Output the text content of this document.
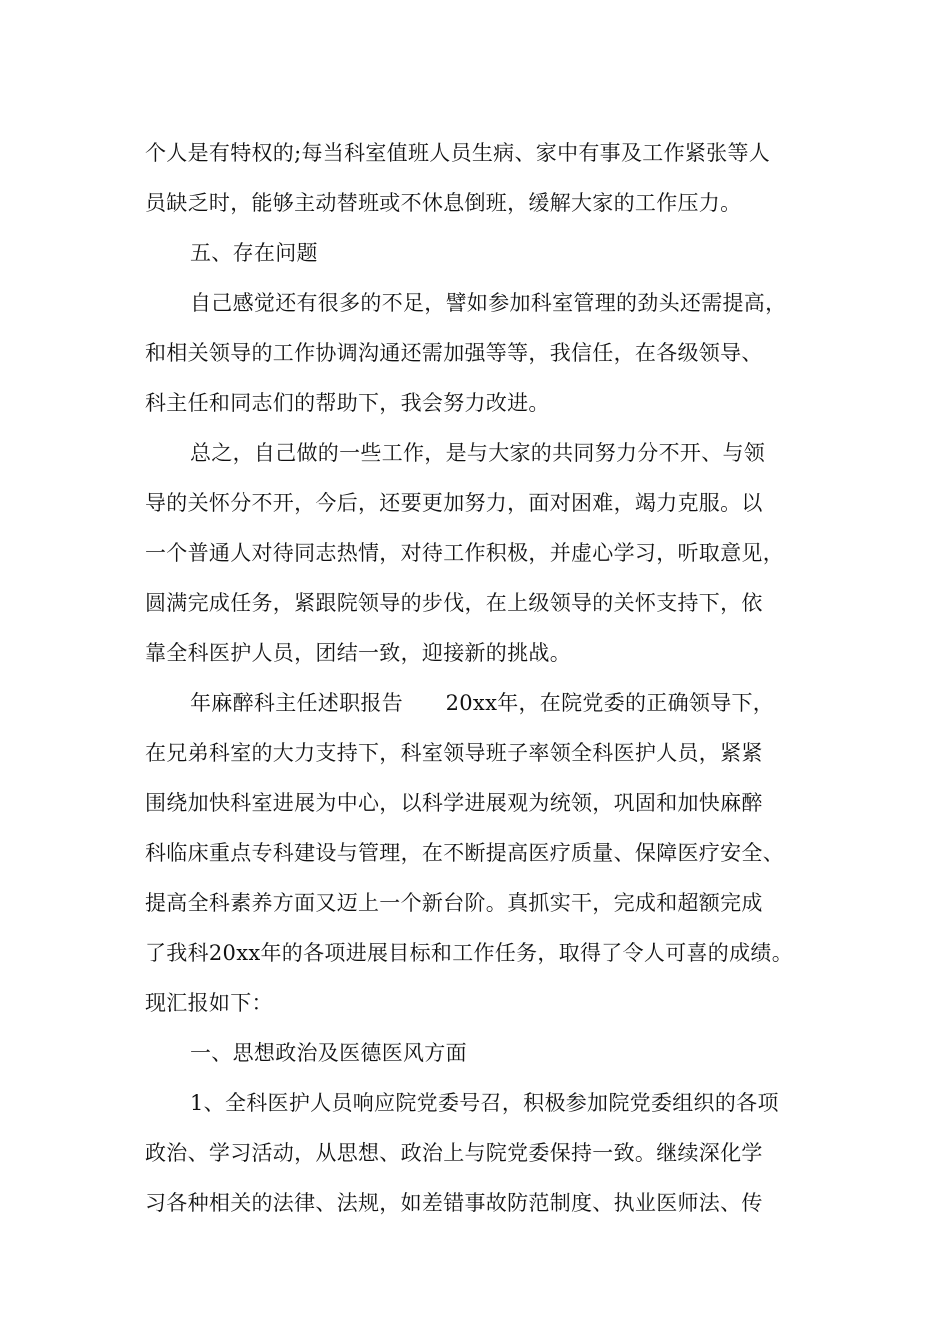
个人是有特权的;每当科室值班人员生病、家中有事及工作紧张等人
员缺乏时，能够主动替班或不休息倒班，缓解大家的工作压力。
五、存在问题
自己感觉还有很多的不足，譬如参加科室管理的劲头还需提高，
和相关领导的工作协调沟通还需加强等等，我信任，在各级领导、
科主任和同志们的帮助下，我会努力改进。
总之，自己做的一些工作，是与大家的共同努力分不开、与领
导的关怀分不开，今后，还要更加努力，面对困难，竭力克服。以
一个普通人对待同志热情，对待工作积极，并虚心学习，听取意见，
圆满完成任务，紧跟院领导的步伐，在上级领导的关怀支持下，依
靠全科医护人员，团结一致，迎接新的挑战。
年麻醉科主任述职报告　　20xx年，在院党委的正确领导下，
在兄弟科室的大力支持下，科室领导班子率领全科医护人员，紧紧
围绕加快科室进展为中心，以科学进展观为统领，巩固和加快麻醉
科临床重点专科建设与管理，在不断提高医疗质量、保障医疗安全、
提高全科素养方面又迈上一个新台阶。真抓实干，完成和超额完成
了我科20xx年的各项进展目标和工作任务，取得了令人可喜的成绩。
现汇报如下：
一、思想政治及医德医风方面
1、全科医护人员响应院党委号召，积极参加院党委组织的各项
政治、学习活动，从思想、政治上与院党委保持一致。继续深化学
习各种相关的法律、法规，如差错事故防范制度、执业医师法、传
